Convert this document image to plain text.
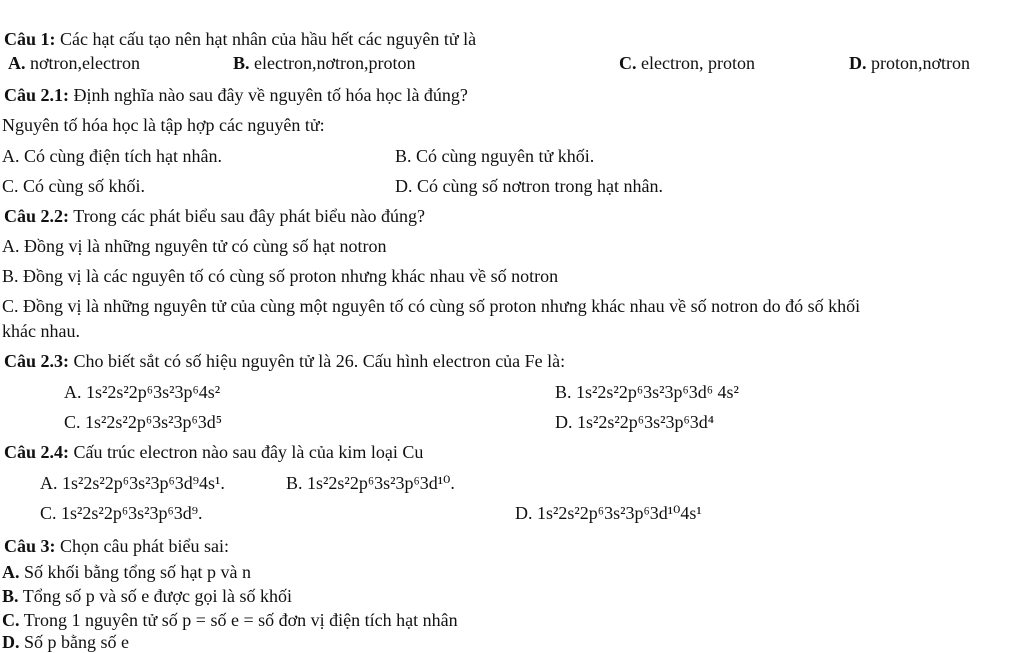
Câu 1: Các hạt cấu tạo nên hạt nhân của hầu hết các nguyên tử là
A. nơtron,electron	B. electron,nơtron,proton	C. electron, proton	D. proton,nơtron
Câu 2.1: Định nghĩa nào sau đây về nguyên tố hóa học là đúng?
Nguyên tố hóa học là tập hợp các nguyên tử:
A. Có cùng điện tích hạt nhân.	B. Có cùng nguyên tử khối.
C. Có cùng số khối.	D. Có cùng số nơtron trong hạt nhân.
Câu 2.2: Trong các phát biểu sau đây phát biểu nào đúng?
A. Đồng vị là những nguyên tử có cùng số hạt notron
B. Đồng vị là các nguyên tố có cùng số proton nhưng khác nhau về số notron
C. Đồng vị là những nguyên tử của cùng một nguyên tố có cùng số proton nhưng khác nhau về số notron do đó số khối
khác nhau.
Câu 2.3: Cho biết sắt có số hiệu nguyên tử là 26. Cấu hình electron của Fe là:
A. 1s²2s²2p⁶3s²3p⁶4s²	B. 1s²2s²2p⁶3s²3p⁶3d⁶ 4s²
C. 1s²2s²2p⁶3s²3p⁶3d⁵	D. 1s²2s²2p⁶3s²3p⁶3d⁴
Câu 2.4: Cấu trúc electron nào sau đây là của kim loại Cu
A. 1s²2s²2p⁶3s²3p⁶3d⁹4s¹.	B. 1s²2s²2p⁶3s²3p⁶3d¹⁰.
C. 1s²2s²2p⁶3s²3p⁶3d⁹.	D. 1s²2s²2p⁶3s²3p⁶3d¹⁰4s¹
Câu 3: Chọn câu phát biểu sai:
A. Số khối bằng tổng số hạt p và n
B. Tổng số p và số e được gọi là số khối
C. Trong 1 nguyên tử số p = số e = số đơn vị điện tích hạt nhân
D. Số p bằng số e
